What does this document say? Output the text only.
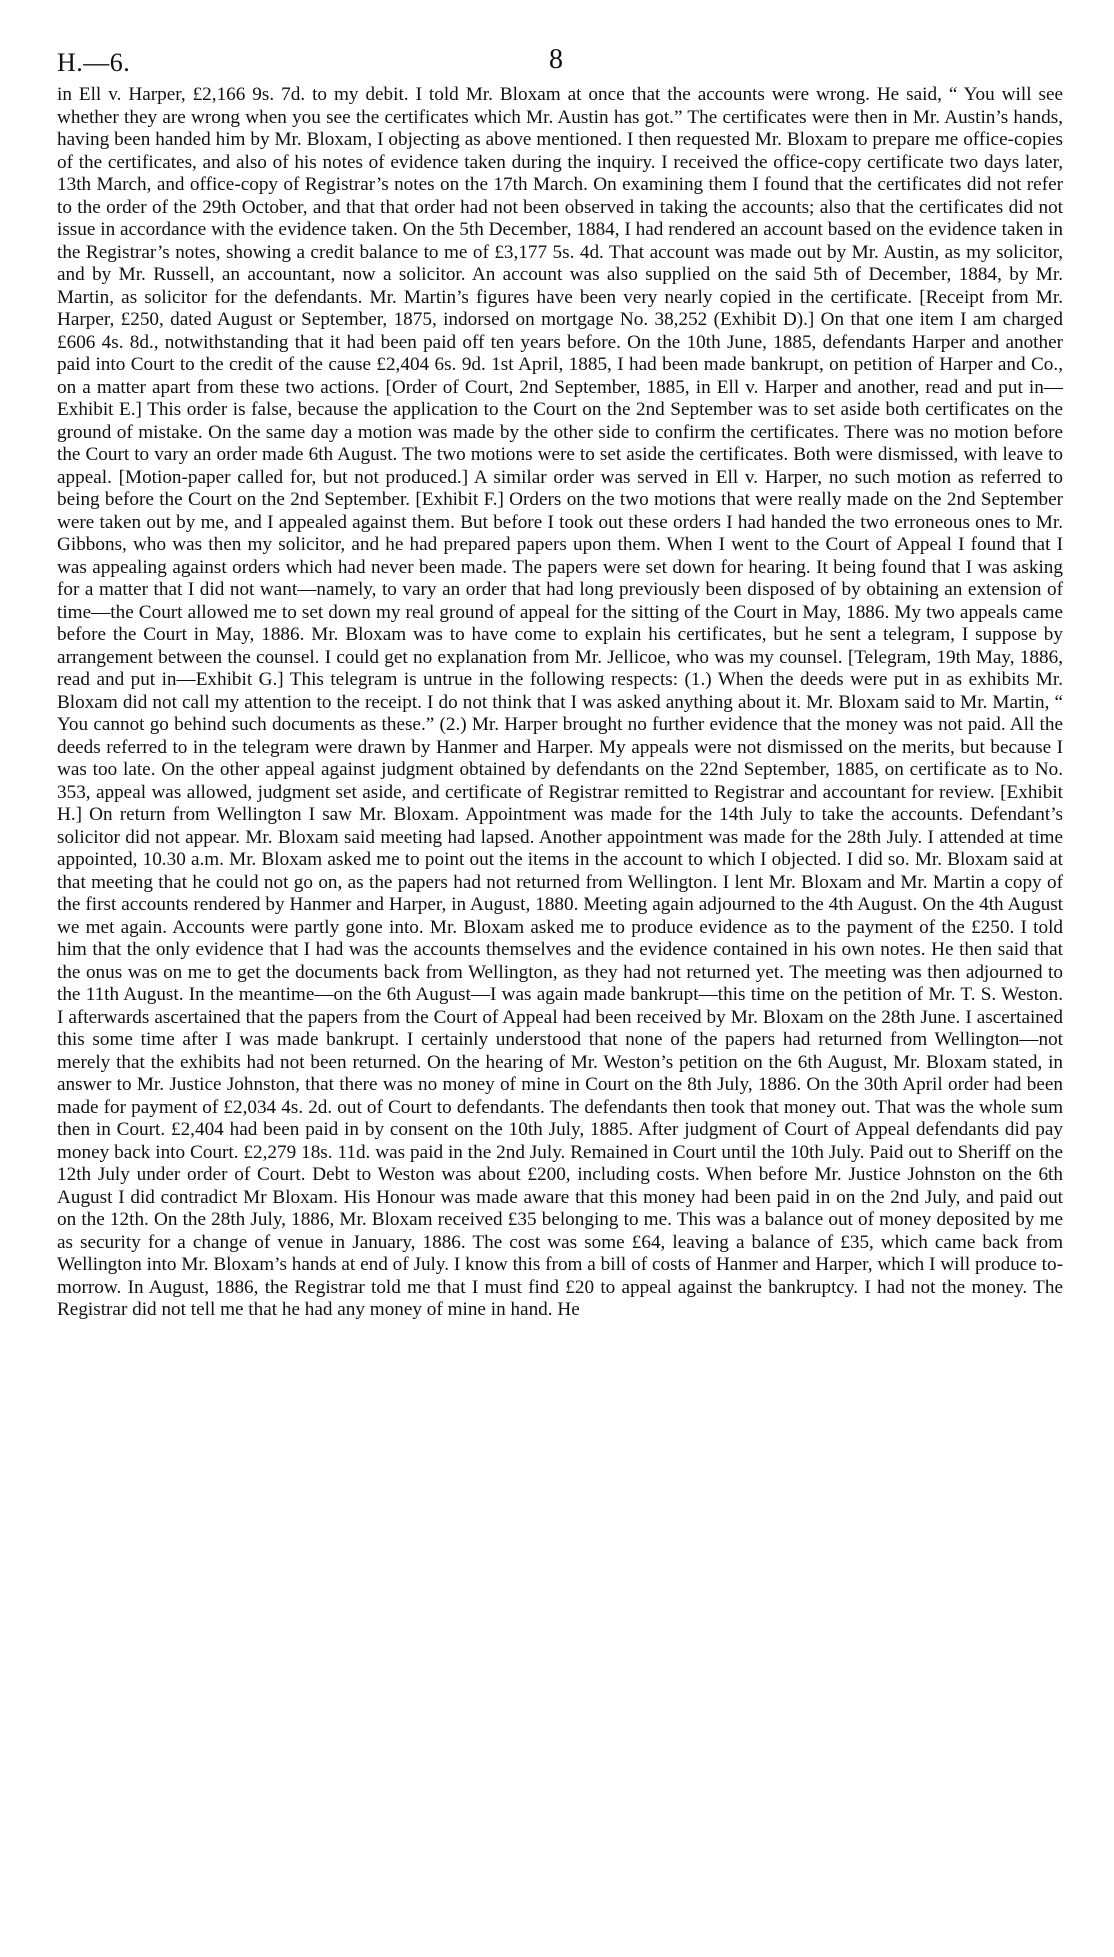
H.—6.	8

in Ell v. Harper, £2,166 9s. 7d. to my debit. I told Mr. Bloxam at once that the accounts were wrong. He said, “ You will see whether they are wrong when you see the certificates which Mr. Austin has got.” The certificates were then in Mr. Austin’s hands, having been handed him by Mr. Bloxam, I objecting as above mentioned. I then requested Mr. Bloxam to prepare me office-copies of the certificates, and also of his notes of evidence taken during the inquiry. I received the office-copy certificate two days later, 13th March, and office-copy of Registrar’s notes on the 17th March. On examining them I found that the certificates did not refer to the order of the 29th October, and that that order had not been observed in taking the accounts; also that the certificates did not issue in accordance with the evidence taken. On the 5th December, 1884, I had rendered an account based on the evidence taken in the Registrar’s notes, showing a credit balance to me of £3,177 5s. 4d. That account was made out by Mr. Austin, as my solicitor, and by Mr. Russell, an accountant, now a solicitor. An account was also supplied on the said 5th of December, 1884, by Mr. Martin, as solicitor for the defendants. Mr. Martin’s figures have been very nearly copied in the certificate. [Receipt from Mr. Harper, £250, dated August or September, 1875, indorsed on mortgage No. 38,252 (Exhibit D).] On that one item I am charged £606 4s. 8d., notwithstanding that it had been paid off ten years before. On the 10th June, 1885, defendants Harper and another paid into Court to the credit of the cause £2,404 6s. 9d. 1st April, 1885, I had been made bankrupt, on petition of Harper and Co., on a matter apart from these two actions. [Order of Court, 2nd September, 1885, in Ell v. Harper and another, read and put in—Exhibit E.] This order is false, because the application to the Court on the 2nd September was to set aside both certificates on the ground of mistake. On the same day a motion was made by the other side to confirm the certificates. There was no motion before the Court to vary an order made 6th August. The two motions were to set aside the certificates. Both were dismissed, with leave to appeal. [Motion-paper called for, but not produced.] A similar order was served in Ell v. Harper, no such motion as referred to being before the Court on the 2nd September. [Exhibit F.] Orders on the two motions that were really made on the 2nd September were taken out by me, and I appealed against them. But before I took out these orders I had handed the two erroneous ones to Mr. Gibbons, who was then my solicitor, and he had prepared papers upon them. When I went to the Court of Appeal I found that I was appealing against orders which had never been made. The papers were set down for hearing. It being found that I was asking for a matter that I did not want—namely, to vary an order that had long previously been disposed of by obtaining an extension of time—the Court allowed me to set down my real ground of appeal for the sitting of the Court in May, 1886. My two appeals came before the Court in May, 1886. Mr. Bloxam was to have come to explain his certificates, but he sent a telegram, I suppose by arrangement between the counsel. I could get no explanation from Mr. Jellicoe, who was my counsel. [Telegram, 19th May, 1886, read and put in—Exhibit G.] This telegram is untrue in the following respects: (1.) When the deeds were put in as exhibits Mr. Bloxam did not call my attention to the receipt. I do not think that I was asked anything about it. Mr. Bloxam said to Mr. Martin, “ You cannot go behind such documents as these.” (2.) Mr. Harper brought no further evidence that the money was not paid. All the deeds referred to in the telegram were drawn by Hanmer and Harper. My appeals were not dismissed on the merits, but because I was too late. On the other appeal against judgment obtained by defendants on the 22nd September, 1885, on certificate as to No. 353, appeal was allowed, judgment set aside, and certificate of Registrar remitted to Registrar and accountant for review. [Exhibit H.] On return from Wellington I saw Mr. Bloxam. Appointment was made for the 14th July to take the accounts. Defendant’s solicitor did not appear. Mr. Bloxam said meeting had lapsed. Another appointment was made for the 28th July. I attended at time appointed, 10.30 a.m. Mr. Bloxam asked me to point out the items in the account to which I objected. I did so. Mr. Bloxam said at that meeting that he could not go on, as the papers had not returned from Wellington. I lent Mr. Bloxam and Mr. Martin a copy of the first accounts rendered by Hanmer and Harper, in August, 1880. Meeting again adjourned to the 4th August. On the 4th August we met again. Accounts were partly gone into. Mr. Bloxam asked me to produce evidence as to the payment of the £250. I told him that the only evidence that I had was the accounts themselves and the evidence contained in his own notes. He then said that the onus was on me to get the documents back from Wellington, as they had not returned yet. The meeting was then adjourned to the 11th August. In the meantime—on the 6th August—I was again made bankrupt—this time on the petition of Mr. T. S. Weston. I afterwards ascertained that the papers from the Court of Appeal had been received by Mr. Bloxam on the 28th June. I ascertained this some time after I was made bankrupt. I certainly understood that none of the papers had returned from Wellington—not merely that the exhibits had not been returned. On the hearing of Mr. Weston’s petition on the 6th August, Mr. Bloxam stated, in answer to Mr. Justice Johnston, that there was no money of mine in Court on the 8th July, 1886. On the 30th April order had been made for payment of £2,034 4s. 2d. out of Court to defendants. The defendants then took that money out. That was the whole sum then in Court. £2,404 had been paid in by consent on the 10th July, 1885. After judgment of Court of Appeal defendants did pay money back into Court. £2,279 18s. 11d. was paid in the 2nd July. Remained in Court until the 10th July. Paid out to Sheriff on the 12th July under order of Court. Debt to Weston was about £200, including costs. When before Mr. Justice Johnston on the 6th August I did contradict Mr Bloxam. His Honour was made aware that this money had been paid in on the 2nd July, and paid out on the 12th. On the 28th July, 1886, Mr. Bloxam received £35 belonging to me. This was a balance out of money deposited by me as security for a change of venue in January, 1886. The cost was some £64, leaving a balance of £35, which came back from Wellington into Mr. Bloxam’s hands at end of July. I know this from a bill of costs of Hanmer and Harper, which I will produce to-morrow. In August, 1886, the Registrar told me that I must find £20 to appeal against the bankruptcy. I had not the money. The Registrar did not tell me that he had any money of mine in hand. He
